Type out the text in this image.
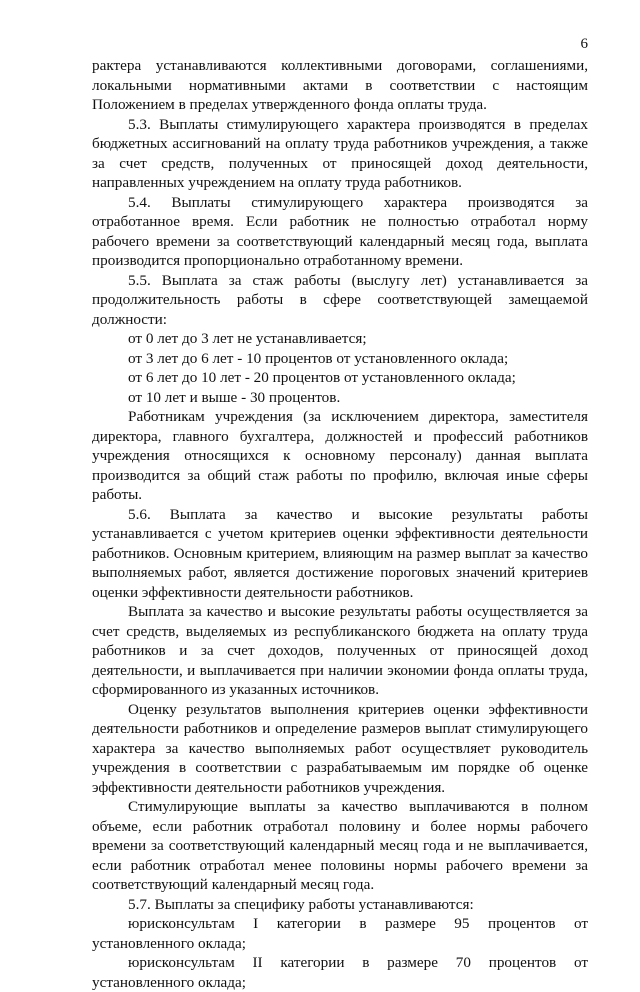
6

рактера устанавливаются коллективными договорами, соглашениями, локальными нормативными актами в соответствии с настоящим Положением в пределах утвержденного фонда оплаты труда.

5.3. Выплаты стимулирующего характера производятся в пределах бюджетных ассигнований на оплату труда работников учреждения, а также за счет средств, полученных от приносящей доход деятельности, направленных учреждением на оплату труда работников.

5.4. Выплаты стимулирующего характера производятся за отработанное время. Если работник не полностью отработал норму рабочего времени за соответствующий календарный месяц года, выплата производится пропорционально отработанному времени.

5.5. Выплата за стаж работы (выслугу лет) устанавливается за продолжительность работы в сфере соответствующей замещаемой должности:

от 0 лет до 3 лет не устанавливается;

от 3 лет до 6 лет - 10 процентов от установленного оклада;

от 6 лет до 10 лет - 20 процентов от установленного оклада;

от 10 лет и выше - 30 процентов.

Работникам учреждения (за исключением директора, заместителя директора, главного бухгалтера, должностей и профессий работников учреждения относящихся к основному персоналу) данная выплата производится за общий стаж работы по профилю, включая иные сферы работы.

5.6. Выплата за качество и высокие результаты работы устанавливается с учетом критериев оценки эффективности деятельности работников. Основным критерием, влияющим на размер выплат за качество выполняемых работ, является достижение пороговых значений критериев оценки эффективности деятельности работников.

Выплата за качество и высокие результаты работы осуществляется за счет средств, выделяемых из республиканского бюджета на оплату труда работников и за счет доходов, полученных от приносящей доход деятельности, и выплачивается при наличии экономии фонда оплаты труда, сформированного из указанных источников.

Оценку результатов выполнения критериев оценки эффективности деятельности работников и определение размеров выплат стимулирующего характера за качество выполняемых работ осуществляет руководитель учреждения в соответствии с разрабатываемым им порядке об оценке эффективности деятельности работников учреждения.

Стимулирующие выплаты за качество выплачиваются в полном объеме, если работник отработал половину и более нормы рабочего времени за соответствующий календарный месяц года и не выплачивается, если работник отработал менее половины нормы рабочего времени за соответствующий календарный месяц года.

5.7. Выплаты за специфику работы устанавливаются:

юрисконсультам I категории в размере 95 процентов от установленного оклада;

юрисконсультам II категории в размере 70 процентов от установленного оклада;
